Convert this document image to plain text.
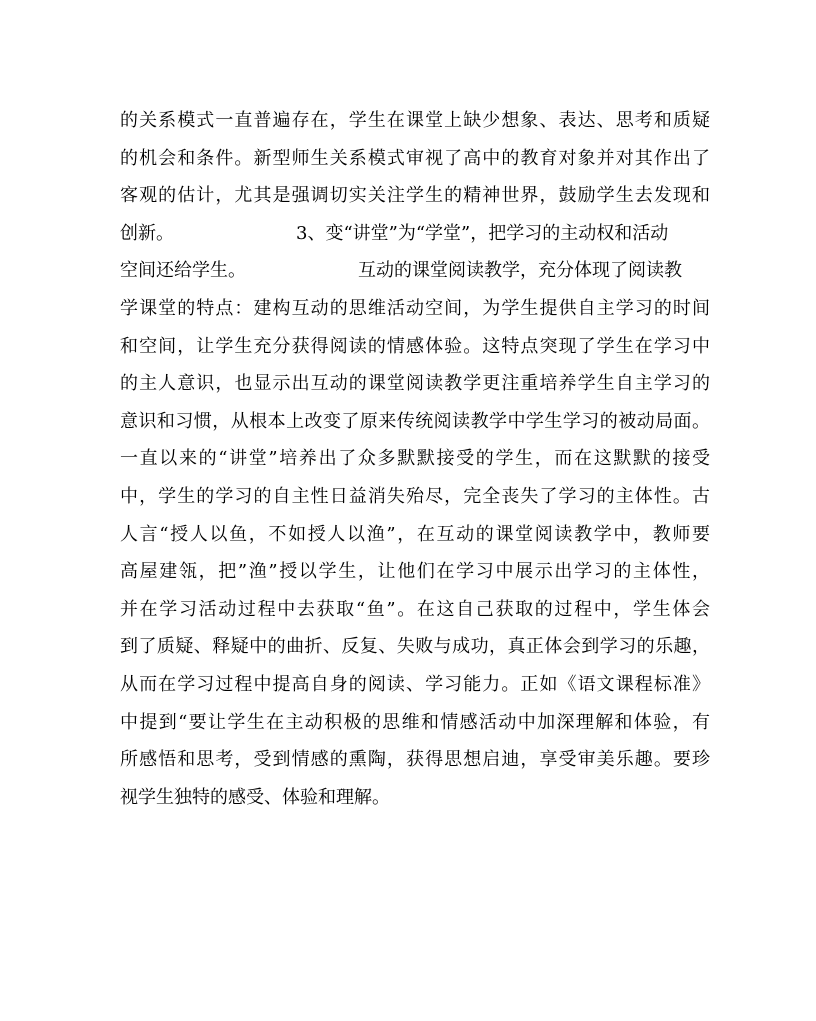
的关系模式一直普遍存在，学生在课堂上缺少想象、表达、思考和质疑
的机会和条件。新型师生关系模式审视了高中的教育对象并对其作出了
客观的估计，尤其是强调切实关注学生的精神世界，鼓励学生去发现和
创新。	3、变“讲堂”为“学堂”，把学习的主动权和活动
空间还给学生。	互动的课堂阅读教学，充分体现了阅读教
学课堂的特点：建构互动的思维活动空间，为学生提供自主学习的时间
和空间，让学生充分获得阅读的情感体验。这特点突现了学生在学习中
的主人意识，也显示出互动的课堂阅读教学更注重培养学生自主学习的
意识和习惯，从根本上改变了原来传统阅读教学中学生学习的被动局面。
一直以来的“讲堂”培养出了众多默默接受的学生，而在这默默的接受
中，学生的学习的自主性日益消失殆尽，完全丧失了学习的主体性。古
人言“授人以鱼，不如授人以渔”，在互动的课堂阅读教学中，教师要
高屋建瓴，把”渔”授以学生，让他们在学习中展示出学习的主体性，
并在学习活动过程中去获取“鱼”。在这自己获取的过程中，学生体会
到了质疑、释疑中的曲折、反复、失败与成功，真正体会到学习的乐趣，
从而在学习过程中提高自身的阅读、学习能力。正如《语文课程标准》
中提到“要让学生在主动积极的思维和情感活动中加深理解和体验，有
所感悟和思考，受到情感的熏陶，获得思想启迪，享受审美乐趣。要珍
视学生独特的感受、体验和理解。
